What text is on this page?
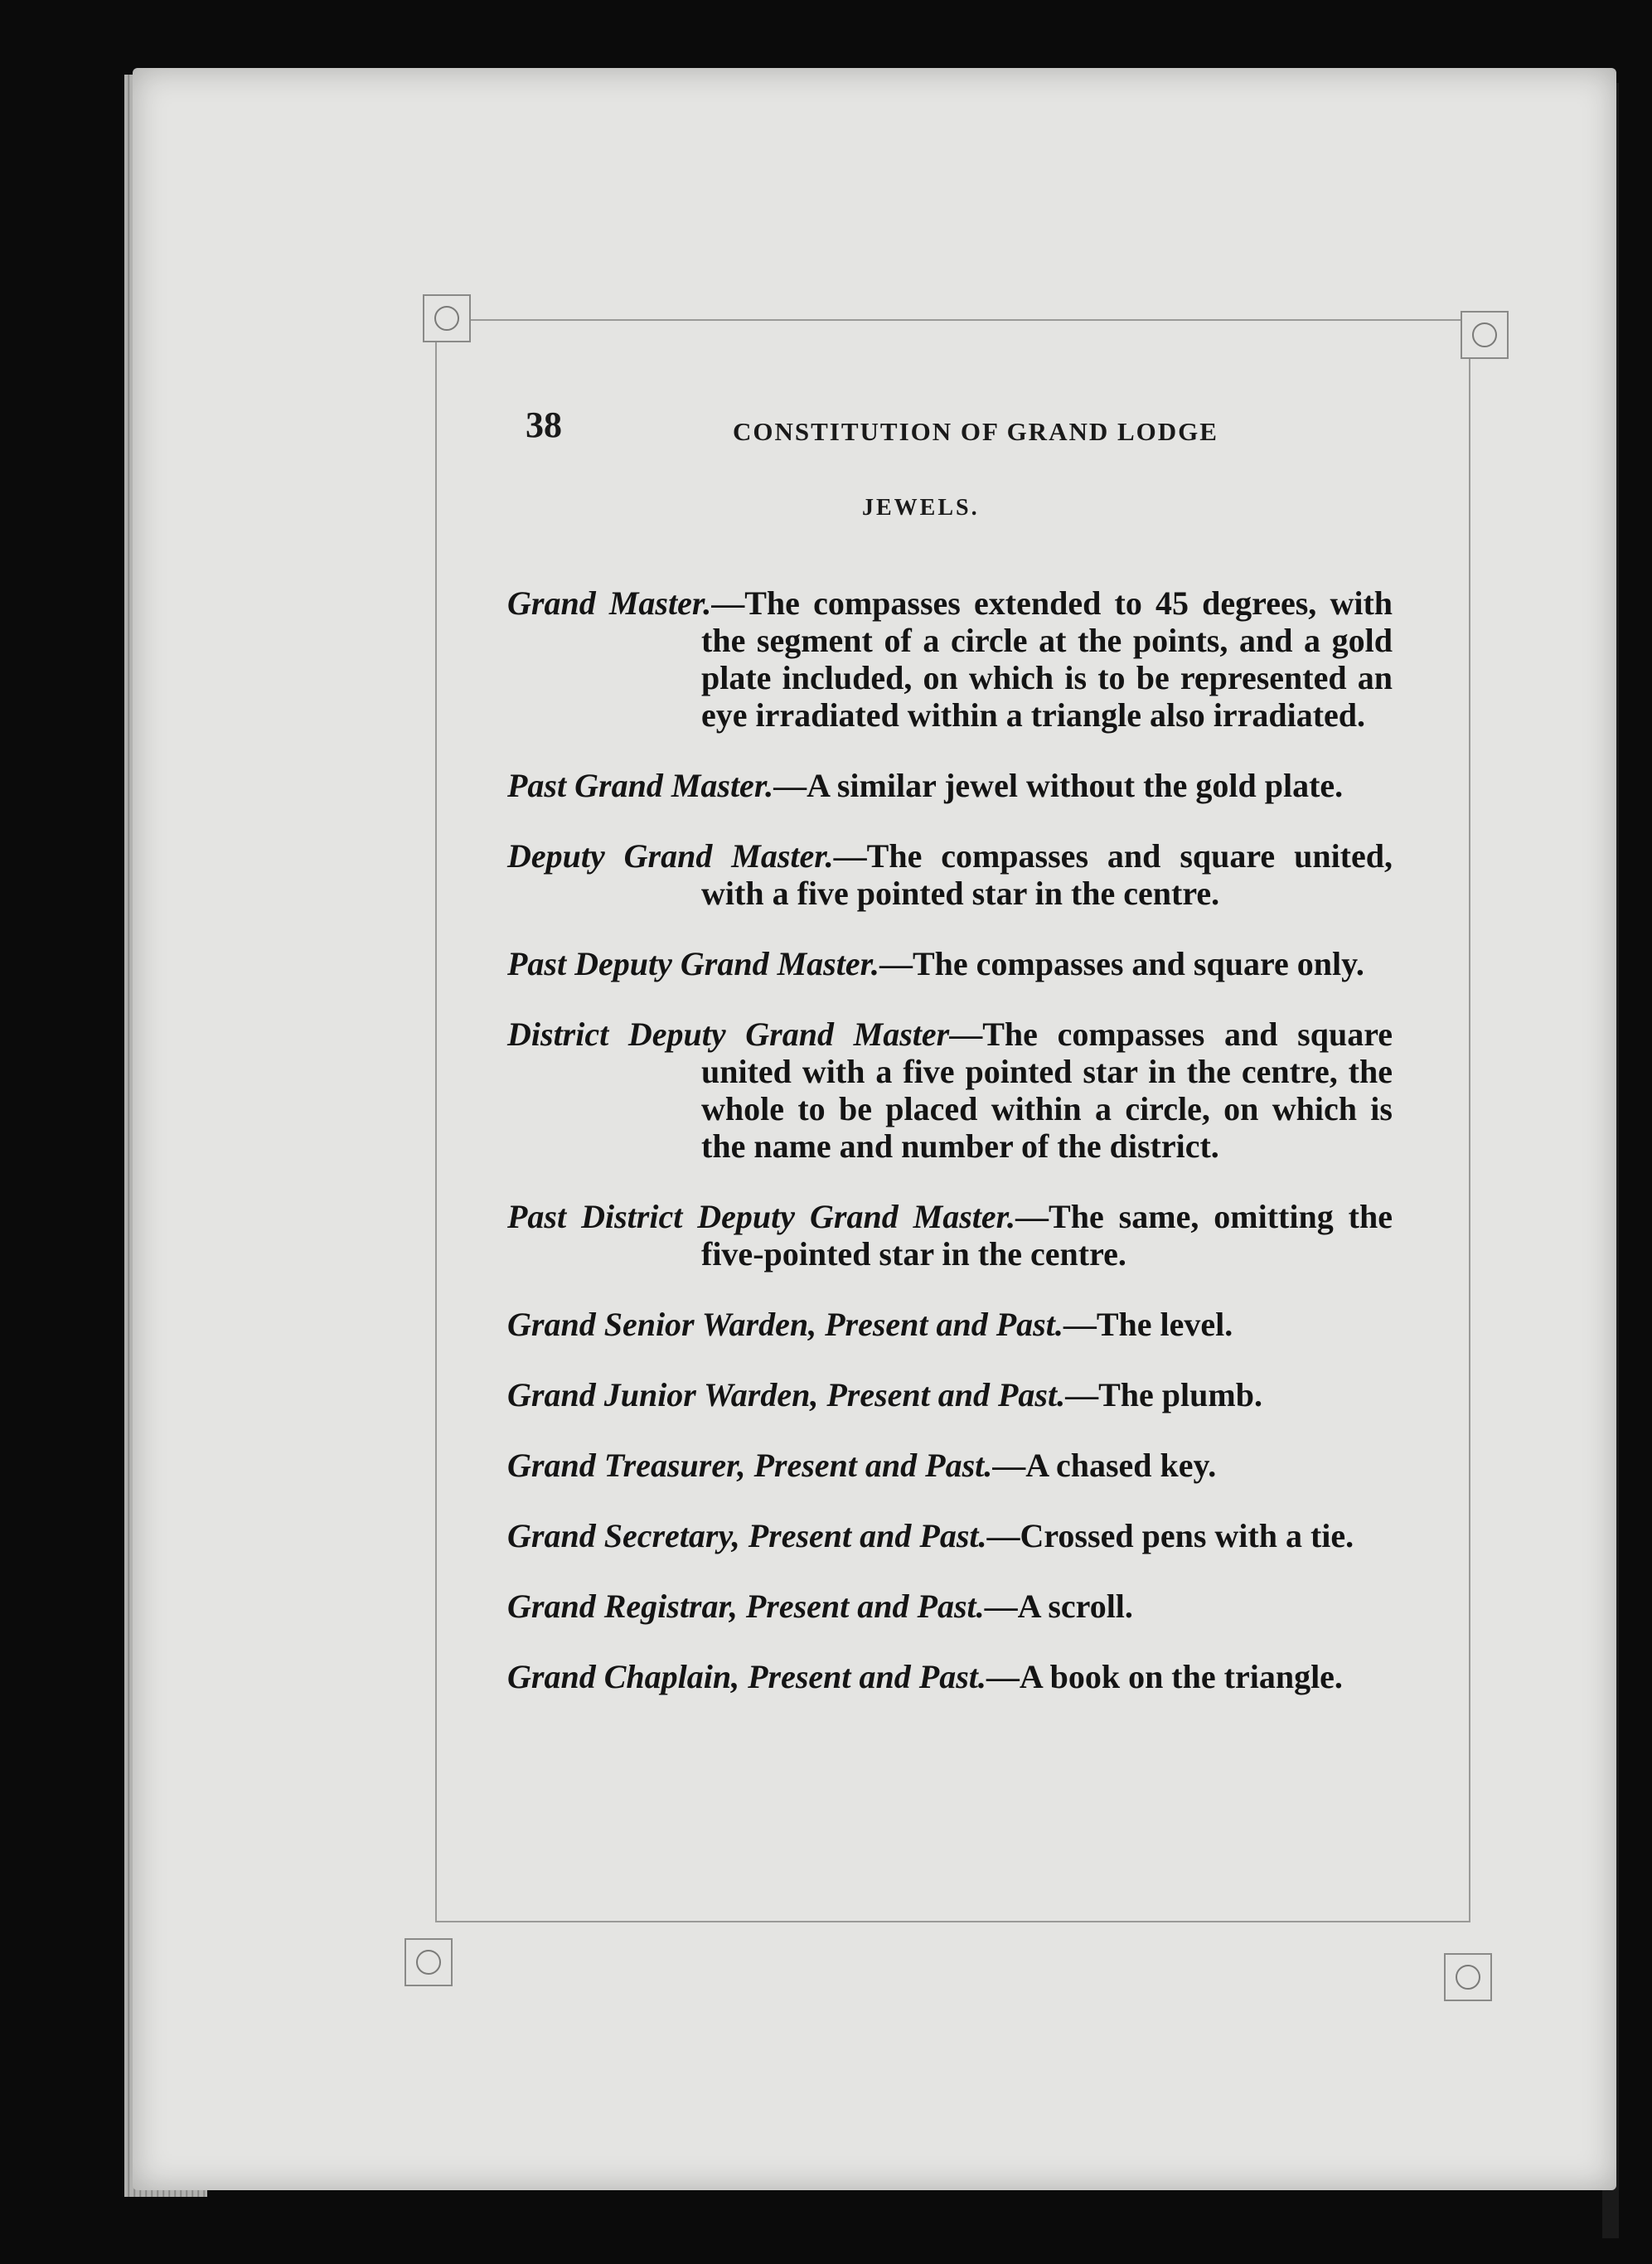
38	CONSTITUTION OF GRAND LODGE
JEWELS.

Grand Master.—The compasses extended to 45 degrees, with the segment of a circle at the points, and a gold plate included, on which is to be represented an eye irradiated within a triangle also irradiated.

Past Grand Master.—A similar jewel without the gold plate.

Deputy Grand Master.—The compasses and square united, with a five pointed star in the centre.

Past Deputy Grand Master.—The compasses and square only.

District Deputy Grand Master—The compasses and square united with a five pointed star in the centre, the whole to be placed within a circle, on which is the name and number of the district.

Past District Deputy Grand Master.—The same, omitting the five-pointed star in the centre.

Grand Senior Warden, Present and Past.—The level.

Grand Junior Warden, Present and Past.—The plumb.

Grand Treasurer, Present and Past.—A chased key.

Grand Secretary, Present and Past.—Crossed pens with a tie.

Grand Registrar, Present and Past.—A scroll.

Grand Chaplain, Present and Past.—A book on the triangle.
